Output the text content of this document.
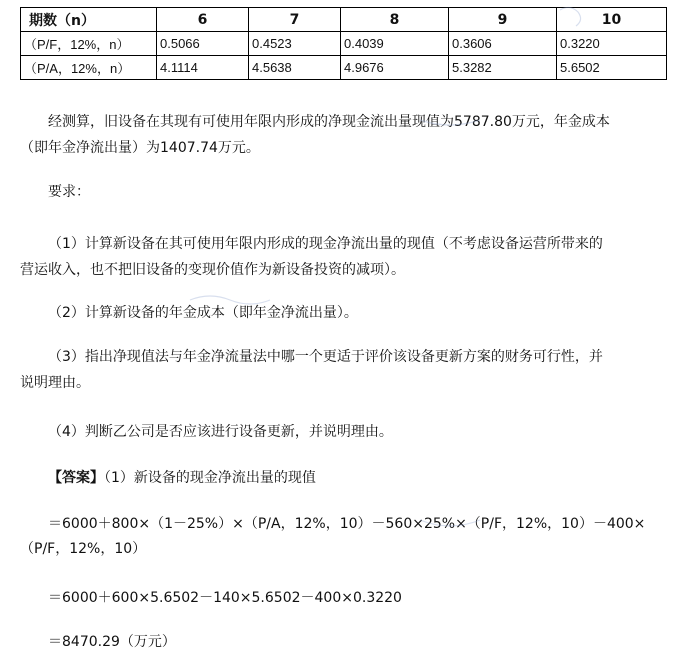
期数（n）	6	7	8	9	10
（P/F，12%，n）	0.5066	0.4523	0.4039	0.3606	0.3220
（P/A，12%，n）	4.1114	4.5638	4.9676	5.3282	5.6502

经测算，旧设备在其现有可使用年限内形成的净现金流出量现值为5787.80万元，年金成本

（即年金净流出量）为1407.74万元。

要求：

（1）计算新设备在其可使用年限内形成的现金净流出量的现值（不考虑设备运营所带来的

营运收入，也不把旧设备的变现价值作为新设备投资的减项）。

（2）计算新设备的年金成本（即年金净流出量）。

（3）指出净现值法与年金净流量法中哪一个更适于评价该设备更新方案的财务可行性，并

说明理由。

（4）判断乙公司是否应该进行设备更新，并说明理由。

【答案】（1）新设备的现金净流出量的现值

＝6000＋800×（1－25%）×（P/A，12%，10）－560×25%×（P/F，12%，10）－400×

（P/F，12%，10）

＝6000＋600×5.6502－140×5.6502－400×0.3220

＝8470.29（万元）
